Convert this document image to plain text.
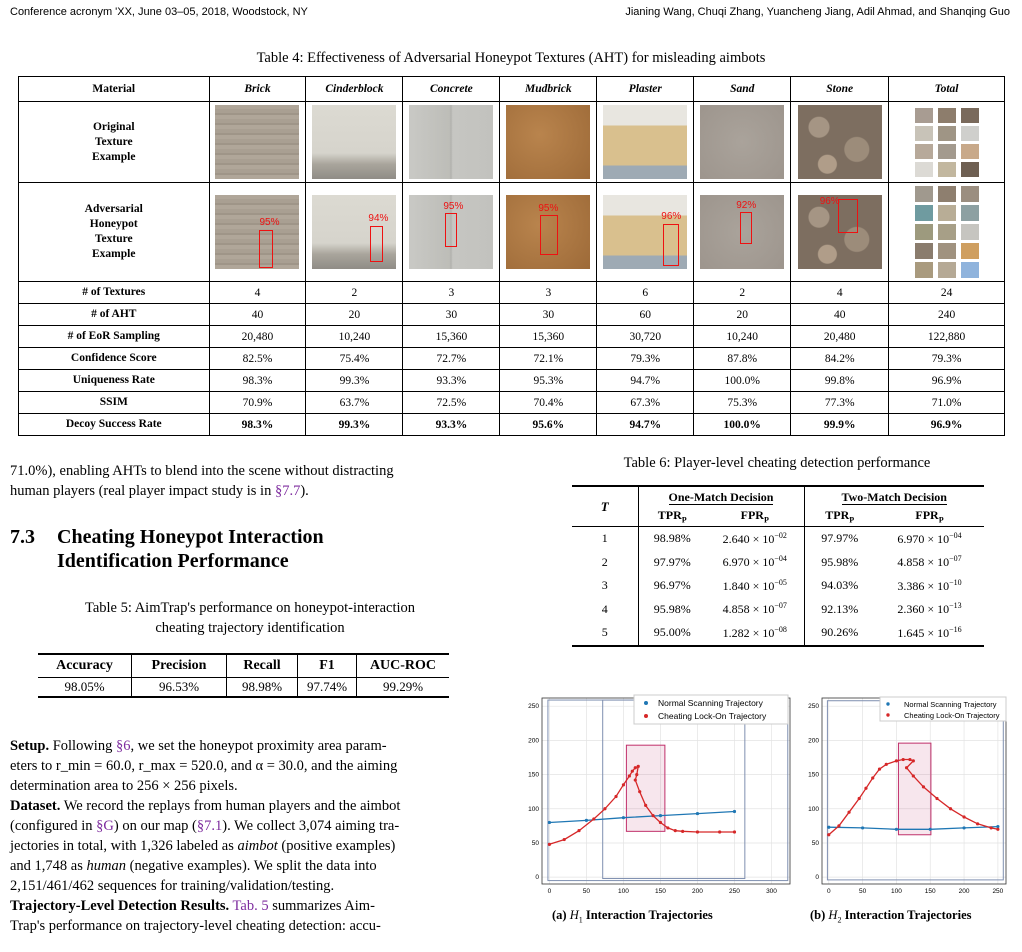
Conference acronym 'XX, June 03–05, 2018, Woodstock, NY	Jianing Wang, Chuqi Zhang, Yuancheng Jiang, Adil Ahmad, and Shanqing Guo
Table 4: Effectiveness of Adversarial Honeypot Textures (AHT) for misleading aimbots
Material	Brick	Cinderblock	Concrete	Mudbrick	Plaster	Sand	Stone	Total

Original
Texture
Example								

Adversarial
Honeypot
Texture
Example	95%	94%	95%	95%	96%	92%	96%	

# of Textures	4	2	3	3	6	2	4	24
# of AHT	40	20	30	30	60	20	40	240
# of EoR Sampling	20,480	10,240	15,360	15,360	30,720	10,240	20,480	122,880
Confidence Score	82.5%	75.4%	72.7%	72.1%	79.3%	87.8%	84.2%	79.3%
Uniqueness Rate	98.3%	99.3%	93.3%	95.3%	94.7%	100.0%	99.8%	96.9%
SSIM	70.9%	63.7%	72.5%	70.4%	67.3%	75.3%	77.3%	71.0%
Decoy Success Rate	98.3%	99.3%	93.3%	95.6%	94.7%	100.0%	99.9%	96.9%
71.0%), enabling AHTs to blend into the scene without distracting
human players (real player impact study is in §7.7).
7.3 Cheating Honeypot Interaction
Identification Performance
Table 5: AimTrap's performance on honeypot-interaction
cheating trajectory identification
Accuracy	Precision	Recall	F1	AUC-ROC
98.05%	96.53%	98.98%	97.74%	99.29%
Setup. Following §6, we set the honeypot proximity area param-
eters to r_min = 60.0, r_max = 520.0, and α = 30.0, and the aiming
determination area to 256 × 256 pixels.
Dataset. We record the replays from human players and the aimbot
(configured in §G) on our map (§7.1). We collect 3,074 aiming tra-
jectories in total, with 1,326 labeled as aimbot (positive examples)
and 1,748 as human (negative examples). We split the data into
2,151/461/462 sequences for training/validation/testing.
Trajectory-Level Detection Results. Tab. 5 summarizes Aim-
Trap's performance on trajectory-level cheating detection: accu-
Table 6: Player-level cheating detection performance
T	One-Match Decision		Two-Match Decision	
	$TPR_P$	$FPR_P$	$TPR_P$	$FPR_P$
1	98.98%	$2.640 \times 10^{-02}$	97.97%	$6.970 \times 10^{-04}$
2	97.97%	$6.970 \times 10^{-04}$	95.98%	$4.858 \times 10^{-07}$
3	96.97%	$1.840 \times 10^{-05}$	94.03%	$3.386 \times 10^{-10}$
4	95.98%	$4.858 \times 10^{-07}$	92.13%	$2.360 \times 10^{-13}$
5	95.00%	$1.282 \times 10^{-08}$	90.26%	$1.645 \times 10^{-16}$
0	50	100	150	200	250	300
0
50
100
150
200
250	Normal Scanning Trajectory
Cheating Lock-On Trajectory
0	50	100	150	200	250
0
50
100
150
200
250	Normal Scanning Trajectory
Cheating Lock-On Trajectory
(a) $H_1$ Interaction Trajectories	(b) $H_2$ Interaction Trajectories
